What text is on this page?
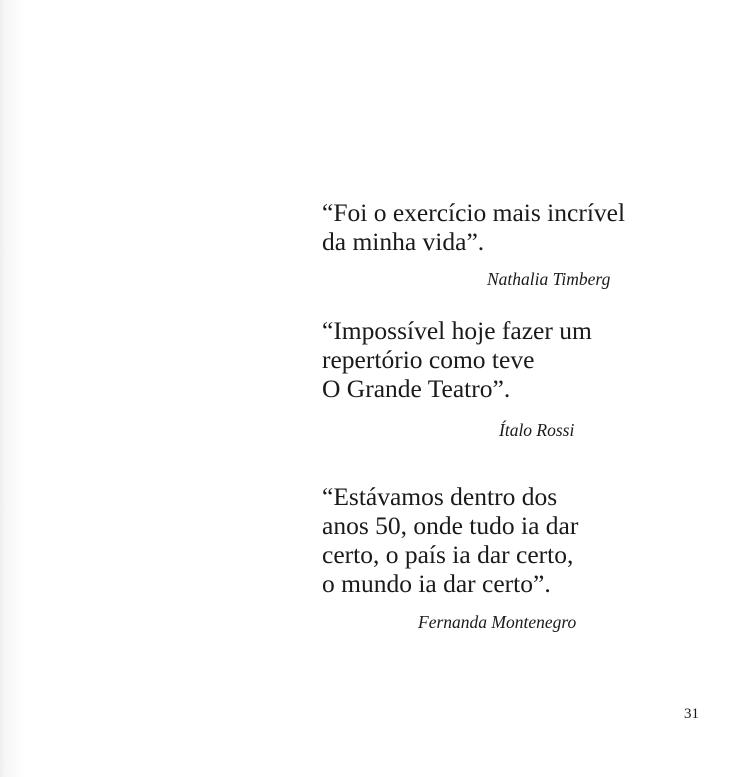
“Foi o exercício mais incrível
da minha vida”.

Nathalia Timberg

“Impossível hoje fazer um
repertório como teve
O Grande Teatro”.

Ítalo Rossi

“Estávamos dentro dos
anos 50, onde tudo ia dar
certo, o país ia dar certo,
o mundo ia dar certo”.

Fernanda Montenegro
31
